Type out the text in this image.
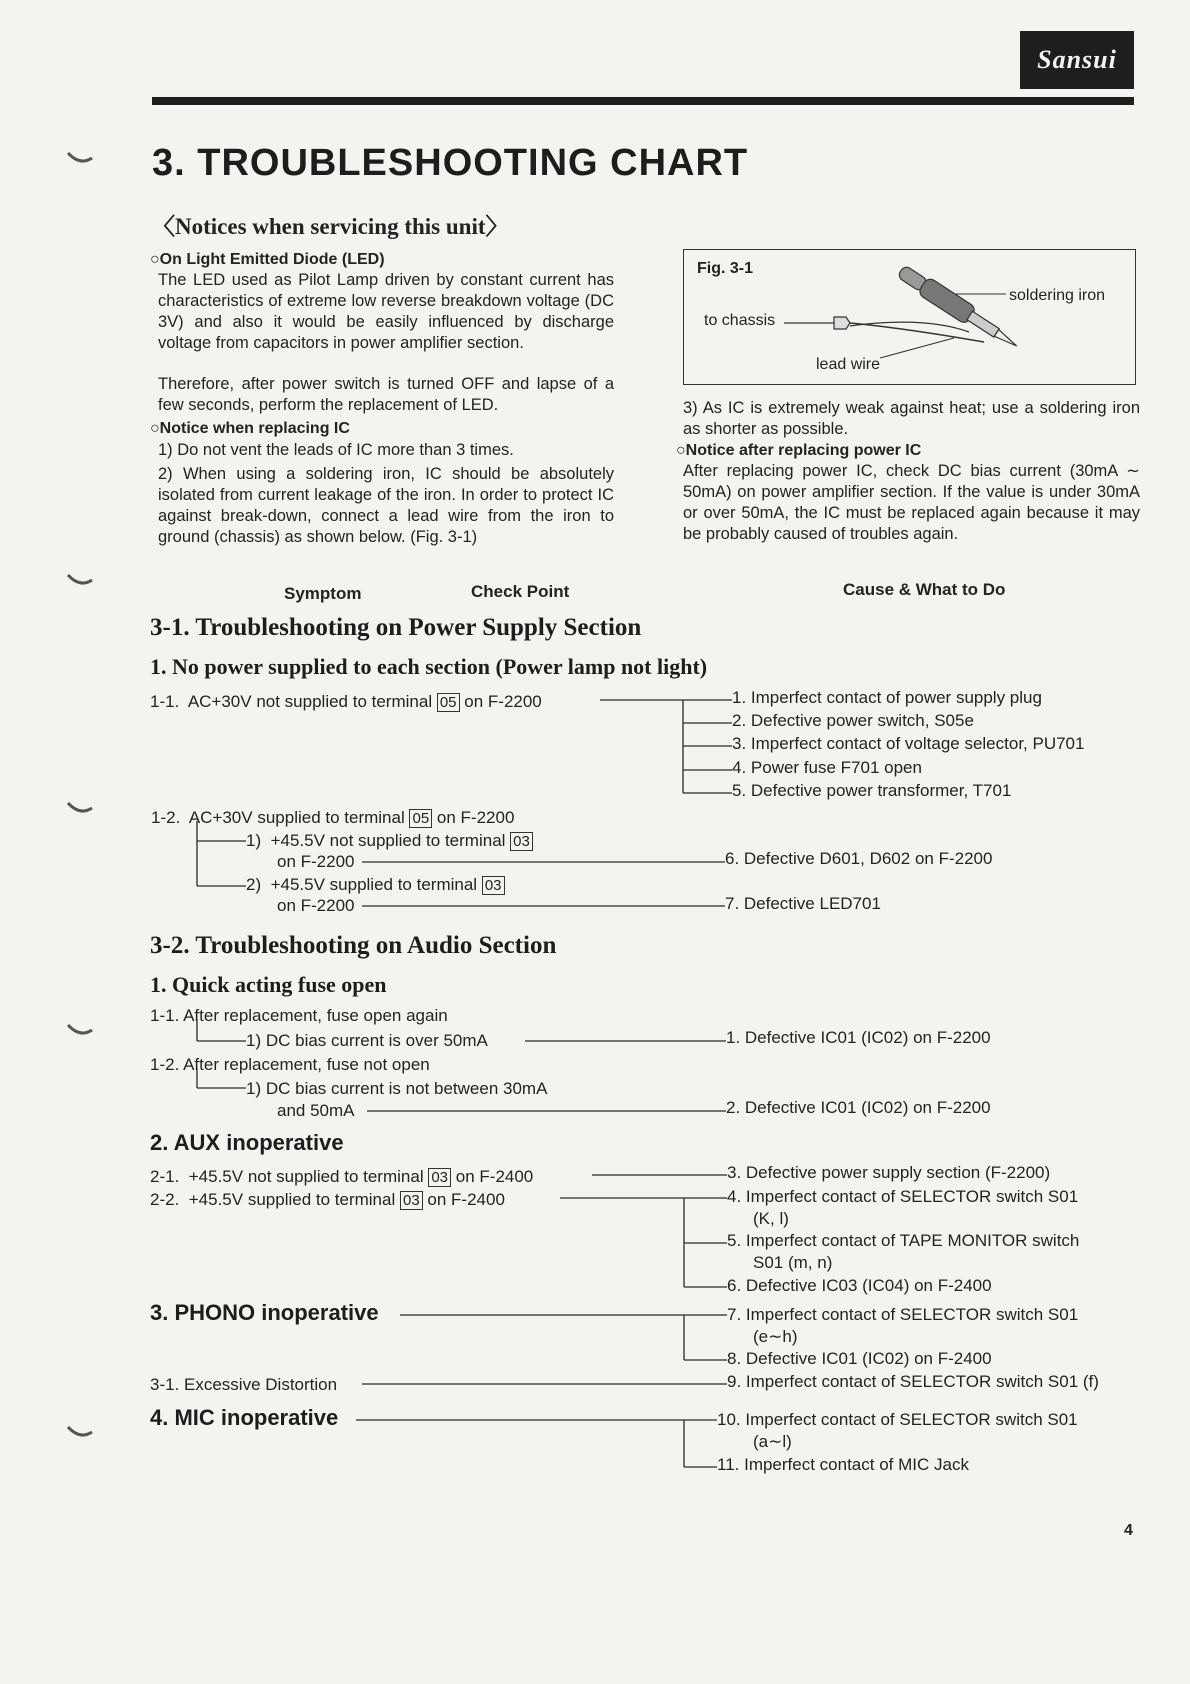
Sansui
3. TROUBLESHOOTING CHART
〈Notices when servicing this unit〉
○On Light Emitted Diode (LED)
The LED used as Pilot Lamp driven by constant current has characteristics of extreme low reverse breakdown voltage (DC 3V) and also it would be easily influenced by discharge voltage from capacitors in power amplifier section.
Therefore, after power switch is turned OFF and lapse of a few seconds, perform the replacement of LED.
○Notice when replacing IC
1) Do not vent the leads of IC more than 3 times.
2) When using a soldering iron, IC should be absolutely isolated from current leakage of the iron. In order to protect IC against break-down, connect a lead wire from the iron to ground (chassis) as shown below. (Fig. 3-1)
Fig. 3-1
to chassis
soldering iron
lead wire
3) As IC is extremely weak against heat; use a soldering iron as shorter as possible.
○Notice after replacing power IC
After replacing power IC, check DC bias current (30mA ∼ 50mA) on power amplifier section. If the value is under 30mA or over 50mA, the IC must be replaced again because it may be probably caused of troubles again.
Symptom	Check Point	Cause & What to Do
3-1. Troubleshooting on Power Supply Section
1. No power supplied to each section (Power lamp not light)
1-1. AC+30V not supplied to terminal 05 on F-2200
1-2. AC+30V supplied to terminal 05 on F-2200
1) +45.5V not supplied to terminal 03
on F-2200
2) +45.5V supplied to terminal 03
on F-2200
1. Imperfect contact of power supply plug
2. Defective power switch, S05e
3. Imperfect contact of voltage selector, PU701
4. Power fuse F701 open
5. Defective power transformer, T701
6. Defective D601, D602 on F-2200
7. Defective LED701
3-2. Troubleshooting on Audio Section
1. Quick acting fuse open
1-1. After replacement, fuse open again
1) DC bias current is over 50mA
1-2. After replacement, fuse not open
1) DC bias current is not between 30mA
and 50mA
2. AUX inoperative
2-1. +45.5V not supplied to terminal 03 on F-2400
2-2. +45.5V supplied to terminal 03 on F-2400
3. PHONO inoperative
3-1. Excessive Distortion
4. MIC inoperative
1. Defective IC01 (IC02) on F-2200
2. Defective IC01 (IC02) on F-2200
3. Defective power supply section (F-2200)
4. Imperfect contact of SELECTOR switch S01
(K, l)
5. Imperfect contact of TAPE MONITOR switch
S01 (m, n)
6. Defective IC03 (IC04) on F-2400
7. Imperfect contact of SELECTOR switch S01
(e∼h)
8. Defective IC01 (IC02) on F-2400
9. Imperfect contact of SELECTOR switch S01 (f)
10. Imperfect contact of SELECTOR switch S01
(a∼l)
11. Imperfect contact of MIC Jack
4
